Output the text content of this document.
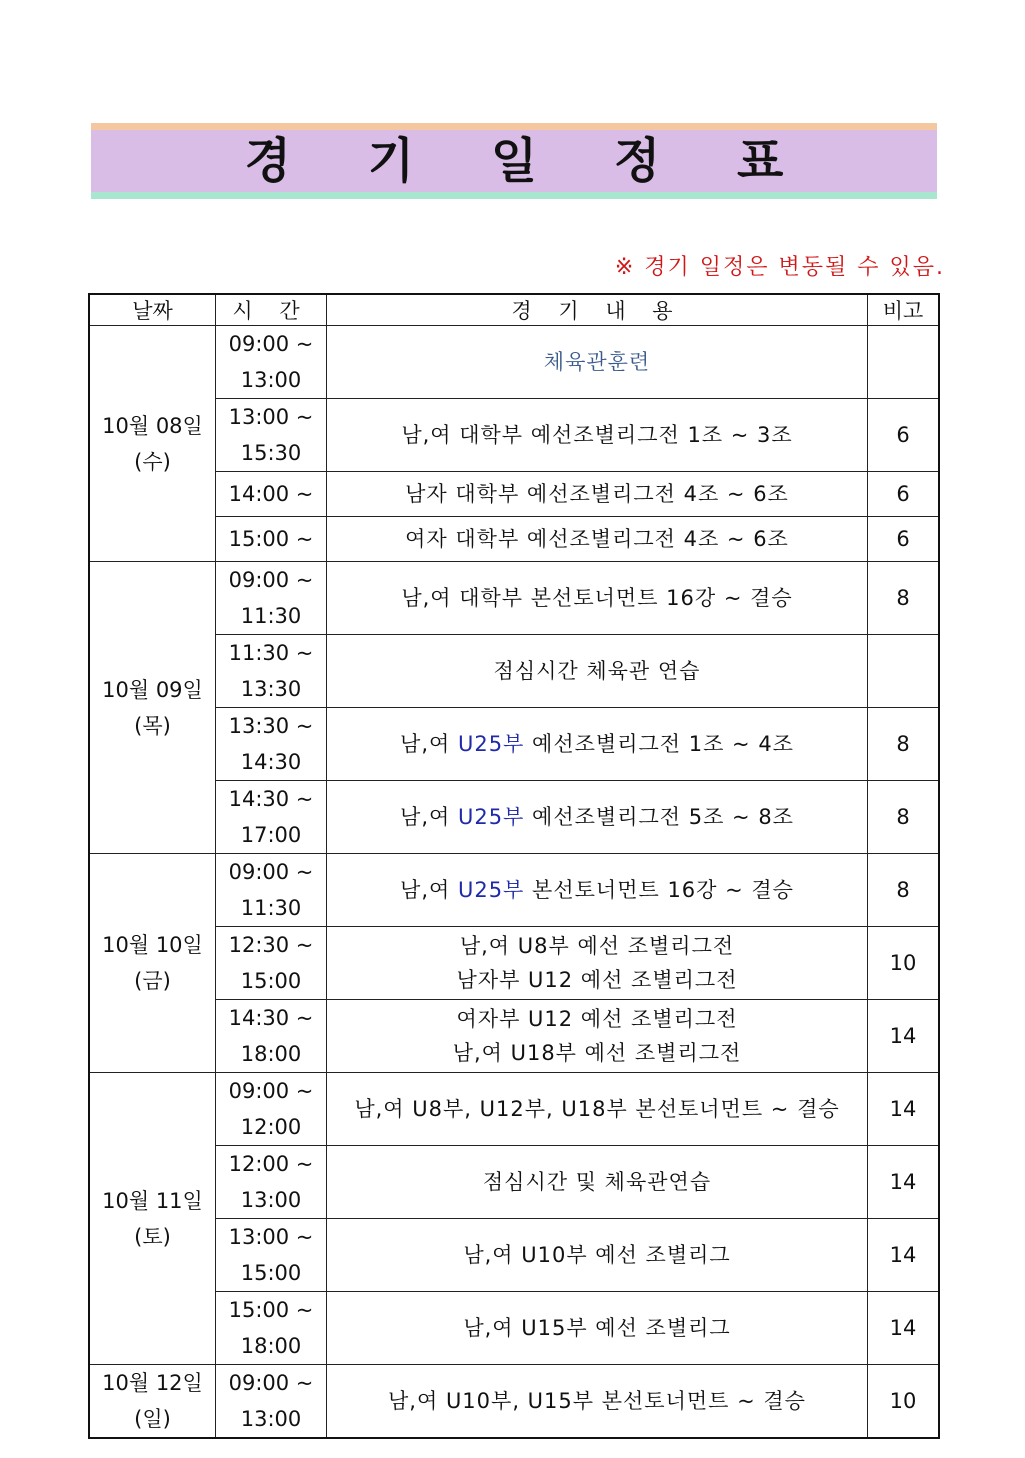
경 기 일 정 표
※ 경기 일정은 변동될 수 있음.
날짜	시 간	경 기 내 용	비고

10월 08일
(수)	09:00 ~
13:00	체육관훈련	

	13:00 ~
15:30	남,여 대학부 예선조별리그전 1조 ~ 3조	6

	14:00 ~	남자 대학부 예선조별리그전 4조 ~ 6조	6

	15:00 ~	여자 대학부 예선조별리그전 4조 ~ 6조	6

10월 09일
(목)	09:00 ~
11:30	남,여 대학부 본선토너먼트 16강 ~ 결승	8

	11:30 ~
13:30	점심시간 체육관 연습	

	13:30 ~
14:30	남,여 U25부 예선조별리그전 1조 ~ 4조	8

	14:30 ~
17:00	남,여 U25부 예선조별리그전 5조 ~ 8조	8

10월 10일
(금)	09:00 ~
11:30	남,여 U25부 본선토너먼트 16강 ~ 결승	8

	12:30 ~
15:00	남,여 U8부 예선 조별리그전
남자부 U12 예선 조별리그전	10

	14:30 ~
18:00	여자부 U12 예선 조별리그전
남,여 U18부 예선 조별리그전	14

10월 11일
(토)	09:00 ~
12:00	남,여 U8부, U12부, U18부 본선토너먼트 ~ 결승	14

	12:00 ~
13:00	점심시간 및 체육관연습	14

	13:00 ~
15:00	남,여 U10부 예선 조별리그	14

	15:00 ~
18:00	남,여 U15부 예선 조별리그	14

10월 12일
(일)	09:00 ~
13:00	남,여 U10부, U15부 본선토너먼트 ~ 결승	10
